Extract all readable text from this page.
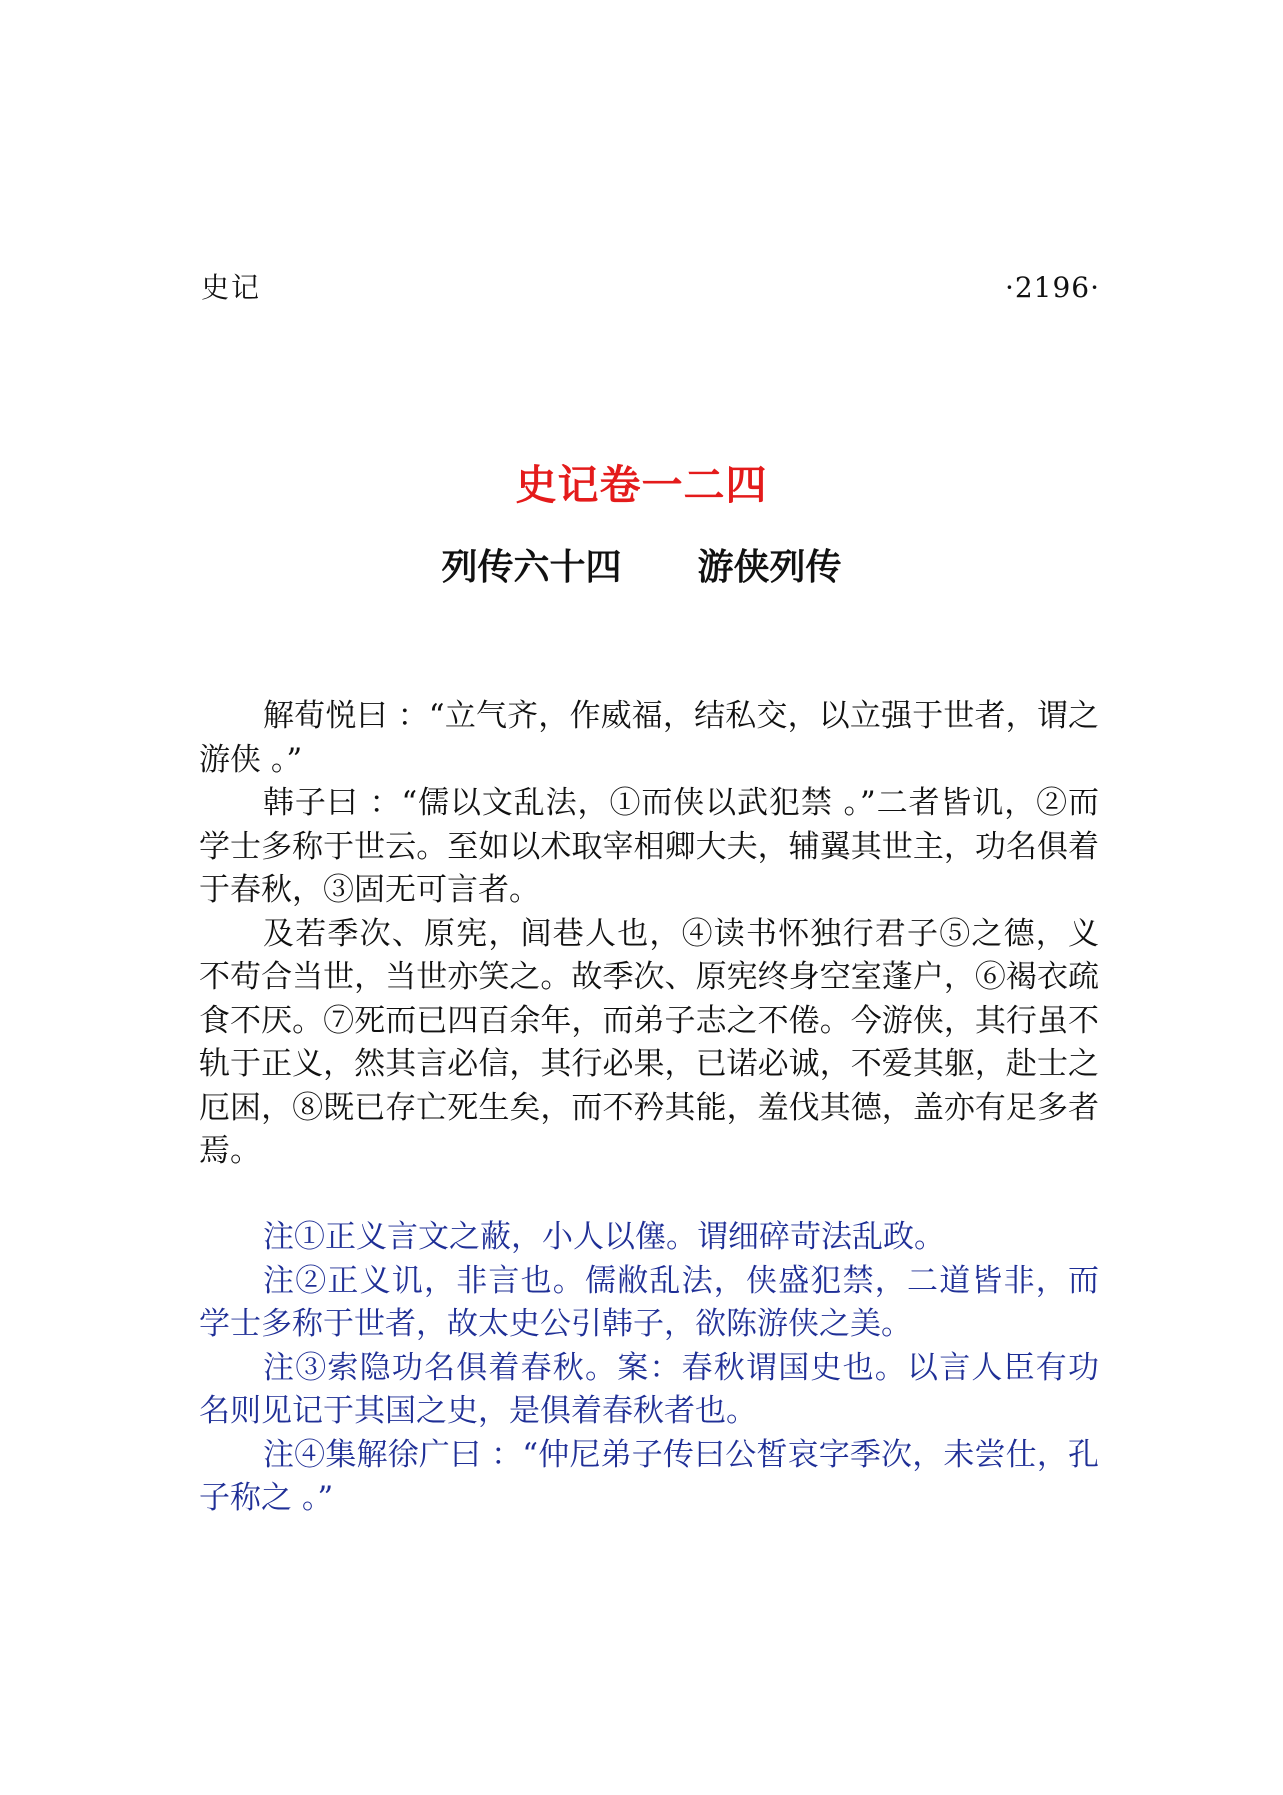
史记	·2196·
史记卷一二四
列传六十四 游侠列传

解荀悦曰 ：“立气齐，作威福，结私交，以立强于世者，谓之游侠 。”

韩子曰 ：“儒以文乱法，①而侠以武犯禁 。”二者皆讥，②而学士多称于世云。至如以术取宰相卿大夫，辅翼其世主，功名俱着于春秋，③固无可言者。

及若季次、原宪，闾巷人也，④读书怀独行君子⑤之德，义不苟合当世，当世亦笑之。故季次、原宪终身空室蓬户，⑥褐衣疏食不厌。⑦死而已四百余年，而弟子志之不倦。今游侠，其行虽不轨于正义，然其言必信，其行必果，已诺必诚，不爱其躯，赴士之厄困，⑧既已存亡死生矣，而不矜其能，羞伐其德，盖亦有足多者焉。

注①正义言文之蔽，小人以僿。谓细碎苛法乱政。

注②正义讥，非言也。儒敝乱法，侠盛犯禁，二道皆非，而学士多称于世者，故太史公引韩子，欲陈游侠之美。

注③索隐功名俱着春秋。案：春秋谓国史也。以言人臣有功名则见记于其国之史，是俱着春秋者也。

注④集解徐广曰 ：“仲尼弟子传曰公皙哀字季次，未尝仕，孔子称之 。”
